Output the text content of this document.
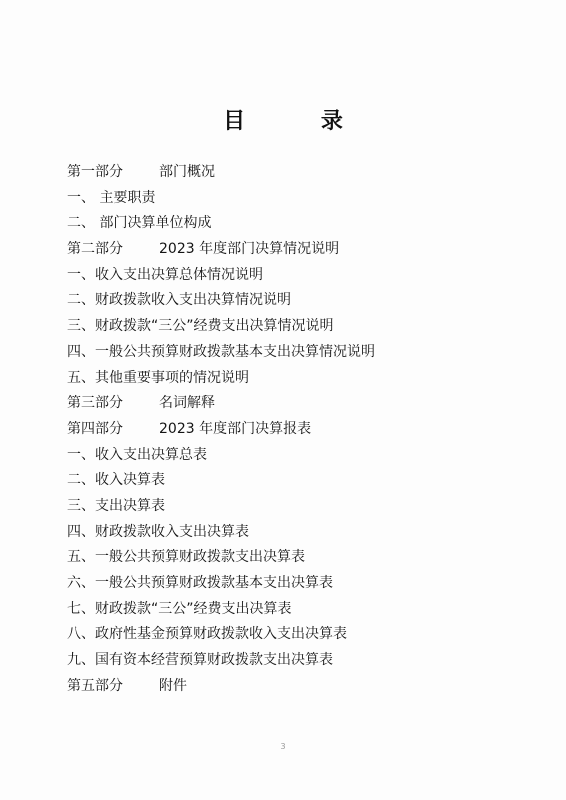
目 录
第一部分	部门概况
一、 主要职责
二、 部门决算单位构成
第二部分	2023 年度部门决算情况说明
一、收入支出决算总体情况说明
二、财政拨款收入支出决算情况说明
三、财政拨款“三公”经费支出决算情况说明
四、一般公共预算财政拨款基本支出决算情况说明
五、其他重要事项的情况说明
第三部分	名词解释
第四部分	2023 年度部门决算报表
一、收入支出决算总表
二、收入决算表
三、支出决算表
四、财政拨款收入支出决算表
五、一般公共预算财政拨款支出决算表
六、一般公共预算财政拨款基本支出决算表
七、财政拨款“三公”经费支出决算表
八、政府性基金预算财政拨款收入支出决算表
九、国有资本经营预算财政拨款支出决算表
第五部分	附件
3
